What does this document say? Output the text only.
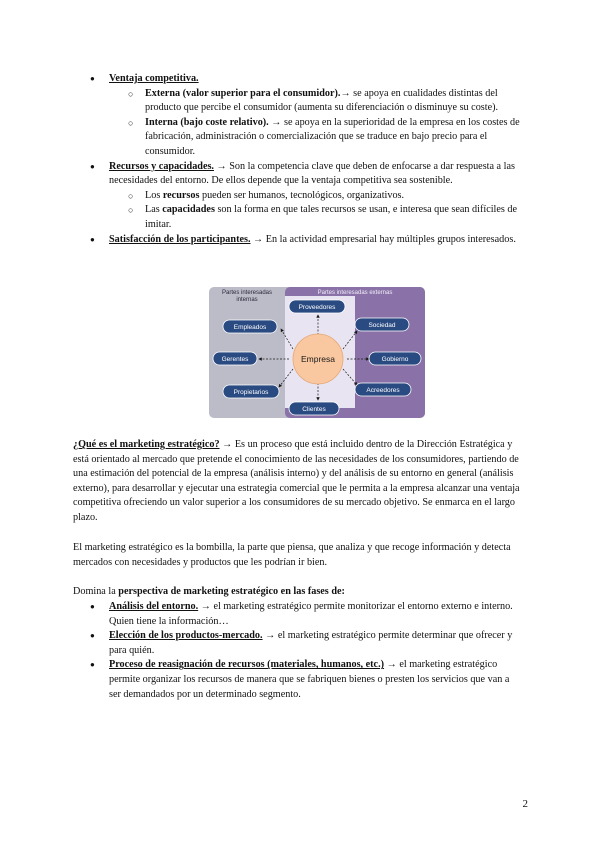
● Ventaja competitiva.
○ Externa (valor superior para el consumidor).→ se apoya en cualidades distintas del producto que percibe el consumidor (aumenta su diferenciación o disminuye su coste).
○ Interna (bajo coste relativo). → se apoya en la superioridad de la empresa en los costes de fabricación, administración o comercialización que se traduce en bajo precio para el consumidor.
● Recursos y capacidades. → Son la competencia clave que deben de enfocarse a dar respuesta a las necesidades del entorno. De ellos depende que la ventaja competitiva sea sostenible.
○ Los recursos pueden ser humanos, tecnológicos, organizativos.
○ Las capacidades son la forma en que tales recursos se usan, e interesa que sean difíciles de imitar.
● Satisfacción de los participantes. → En la actividad empresarial hay múltiples grupos interesados.
Partes interesadas internas
Partes interesadas externas
Empresa
Empleados
Gerentes
Propietarios
Proveedores
Sociedad
Gobierno
Acreedores
Clientes

¿Qué es el marketing estratégico? → Es un proceso que está incluido dentro de la Dirección Estratégica y está orientado al mercado que pretende el conocimiento de las necesidades de los consumidores, partiendo de una estimación del potencial de la empresa (análisis interno) y del análisis de su entorno en general (análisis externo), para desarrollar y ejecutar una estrategia comercial que le permita a la empresa alcanzar una ventaja competitiva ofreciendo un valor superior a los consumidores de su mercado objetivo. Se enmarca en el largo plazo.

El marketing estratégico es la bombilla, la parte que piensa, que analiza y que recoge información y detecta mercados con necesidades y productos que les podrían ir bien.

Domina la perspectiva de marketing estratégico en las fases de:

● Análisis del entorno. → el marketing estratégico permite monitorizar el entorno externo e interno. Quien tiene la información…
● Elección de los productos-mercado. → el marketing estratégico permite determinar que ofrecer y para quién.
● Proceso de reasignación de recursos (materiales, humanos, etc.) → el marketing estratégico permite organizar los recursos de manera que se fabriquen bienes o presten los servicios que van a ser demandados por un determinado segmento.
2
